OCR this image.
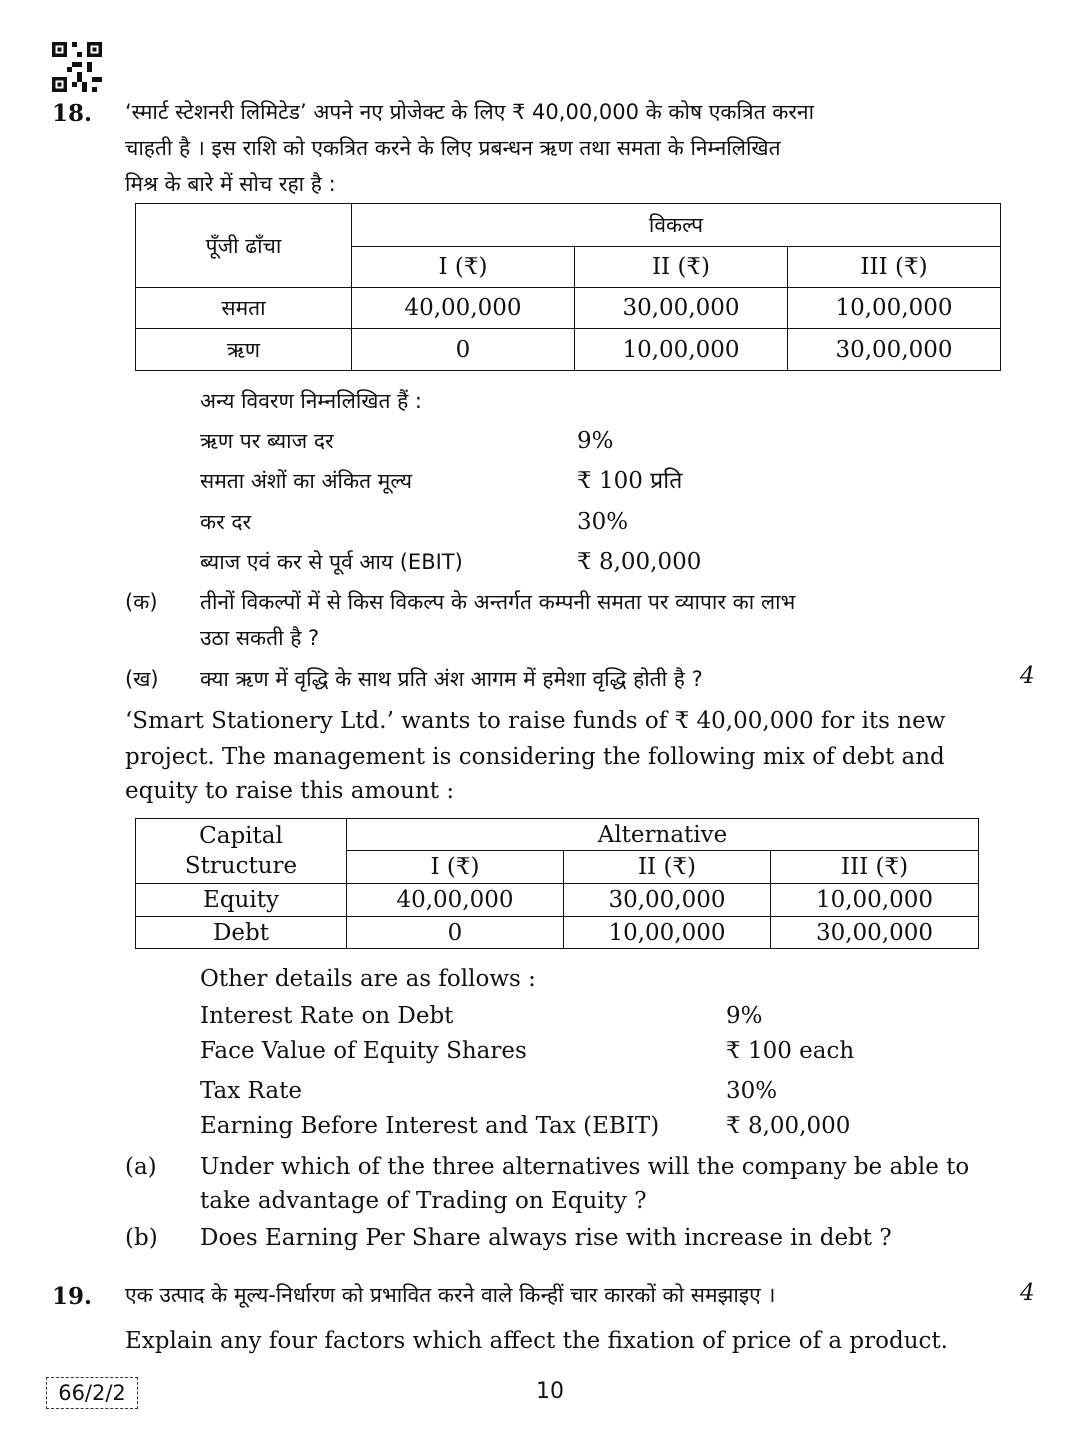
18. ‘स्मार्ट स्टेशनरी लिमिटेड’ अपने नए प्रोजेक्ट के लिए ₹ 40,00,000 के कोष एकत्रित करना
चाहती है । इस राशि को एकत्रित करने के लिए प्रबन्धन ऋण तथा समता के निम्नलिखित
मिश्र के बारे में सोच रहा है :
पूँजी ढाँचा	विकल्प		
	I (₹)	II (₹)	III (₹)
समता	40,00,000	30,00,000	10,00,000
ऋण	0	10,00,000	30,00,000
अन्य विवरण निम्नलिखित हैं :
ऋण पर ब्याज दर	9%
समता अंशों का अंकित मूल्य	₹ 100 प्रति
कर दर	30%
ब्याज एवं कर से पूर्व आय (EBIT)	₹ 8,00,000
(क) तीनों विकल्पों में से किस विकल्प के अन्तर्गत कम्पनी समता पर व्यापार का लाभ
उठा सकती है ?
(ख) क्या ऋण में वृद्धि के साथ प्रति अंश आगम में हमेशा वृद्धि होती है ?	4
‘Smart Stationery Ltd.’ wants to raise funds of ₹ 40,00,000 for its new
project. The management is considering the following mix of debt and
equity to raise this amount :
Capital
Structure	Alternative		
	I (₹)	II (₹)	III (₹)
Equity	40,00,000	30,00,000	10,00,000
Debt	0	10,00,000	30,00,000
Other details are as follows :
Interest Rate on Debt	9%
Face Value of Equity Shares	₹ 100 each
Tax Rate	30%
Earning Before Interest and Tax (EBIT)	₹ 8,00,000
(a) Under which of the three alternatives will the company be able to
take advantage of Trading on Equity ?
(b) Does Earning Per Share always rise with increase in debt ?
19. एक उत्पाद के मूल्य-निर्धारण को प्रभावित करने वाले किन्हीं चार कारकों को समझाइए ।	4
Explain any four factors which affect the fixation of price of a product.
66/2/2	10
